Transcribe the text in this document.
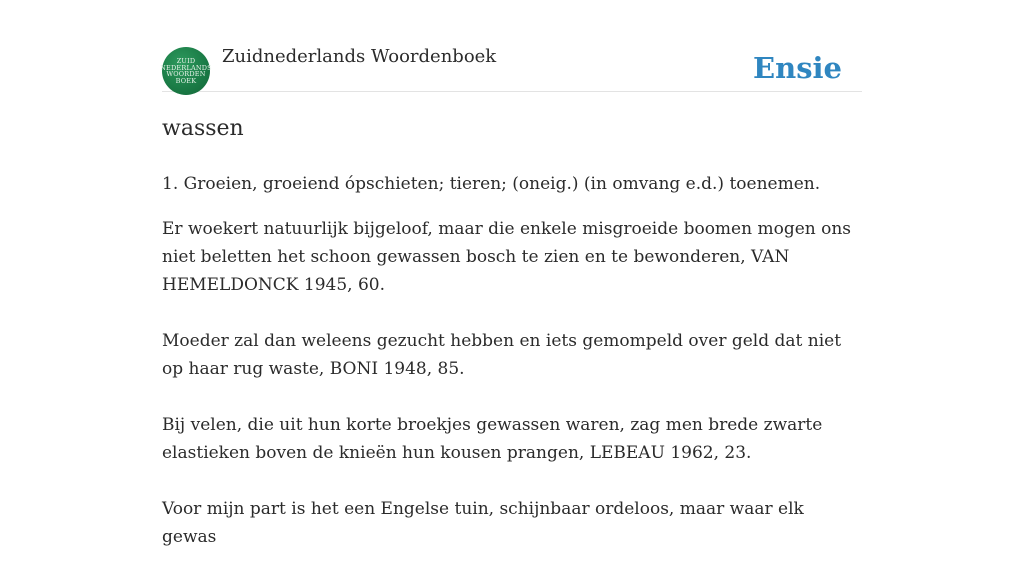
ZUID
NEDERLANDS
WOORDEN
BOEK
Zuidnederlands Woordenboek	Ensie
wassen

1. Groeien, groeiend ópschieten; tieren; (oneig.) (in omvang e.d.) toenemen.

Er woekert natuurlijk bijgeloof, maar die enkele misgroeide boomen mogen ons niet beletten het schoon gewassen bosch te zien en te bewonderen, VAN HEMELDONCK 1945, 60.

Moeder zal dan weleens gezucht hebben en iets gemompeld over geld dat niet op haar rug waste, BONI 1948, 85.

Bij velen, die uit hun korte broekjes gewassen waren, zag men brede zwarte elastieken boven de knieën hun kousen prangen, LEBEAU 1962, 23.

Voor mijn part is het een Engelse tuin, schijnbaar ordeloos, maar waar elk gewas
